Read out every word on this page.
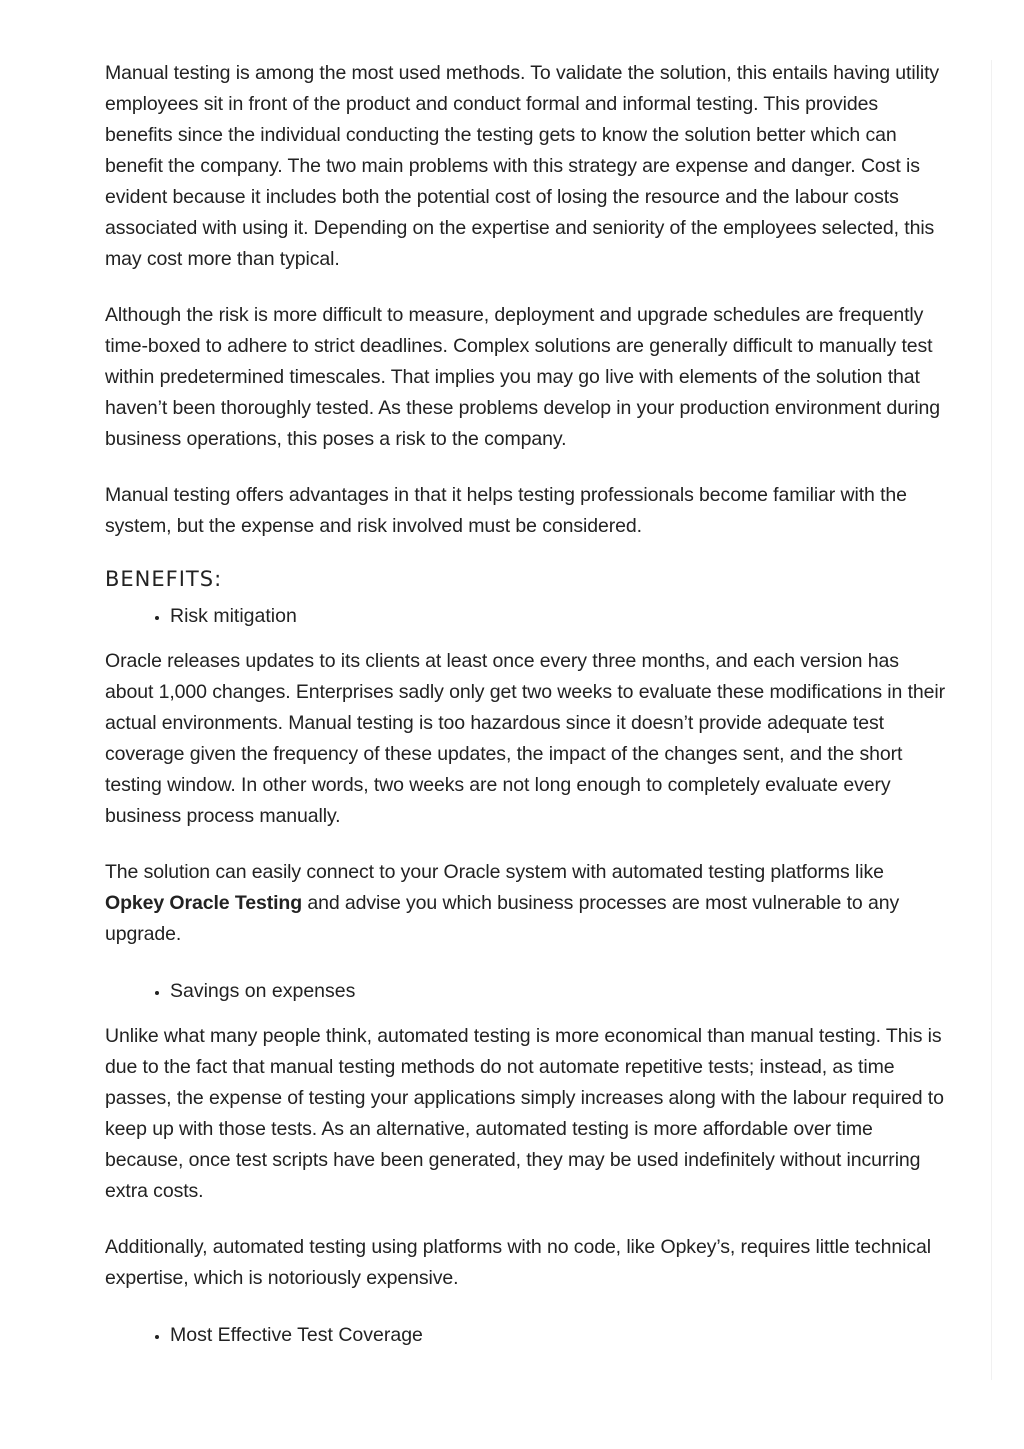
Manual testing is among the most used methods. To validate the solution, this entails having utility employees sit in front of the product and conduct formal and informal testing. This provides benefits since the individual conducting the testing gets to know the solution better which can benefit the company. The two main problems with this strategy are expense and danger. Cost is evident because it includes both the potential cost of losing the resource and the labour costs associated with using it. Depending on the expertise and seniority of the employees selected, this may cost more than typical.

Although the risk is more difficult to measure, deployment and upgrade schedules are frequently time-boxed to adhere to strict deadlines. Complex solutions are generally difficult to manually test within predetermined timescales. That implies you may go live with elements of the solution that haven’t been thoroughly tested. As these problems develop in your production environment during business operations, this poses a risk to the company.

Manual testing offers advantages in that it helps testing professionals become familiar with the system, but the expense and risk involved must be considered.

BENEFITS:
• Risk mitigation

Oracle releases updates to its clients at least once every three months, and each version has about 1,000 changes. Enterprises sadly only get two weeks to evaluate these modifications in their actual environments. Manual testing is too hazardous since it doesn’t provide adequate test coverage given the frequency of these updates, the impact of the changes sent, and the short testing window. In other words, two weeks are not long enough to completely evaluate every business process manually.

The solution can easily connect to your Oracle system with automated testing platforms like Opkey Oracle Testing and advise you which business processes are most vulnerable to any upgrade.

• Savings on expenses

Unlike what many people think, automated testing is more economical than manual testing. This is due to the fact that manual testing methods do not automate repetitive tests; instead, as time passes, the expense of testing your applications simply increases along with the labour required to keep up with those tests. As an alternative, automated testing is more affordable over time because, once test scripts have been generated, they may be used indefinitely without incurring extra costs.

Additionally, automated testing using platforms with no code, like Opkey’s, requires little technical expertise, which is notoriously expensive.

• Most Effective Test Coverage
